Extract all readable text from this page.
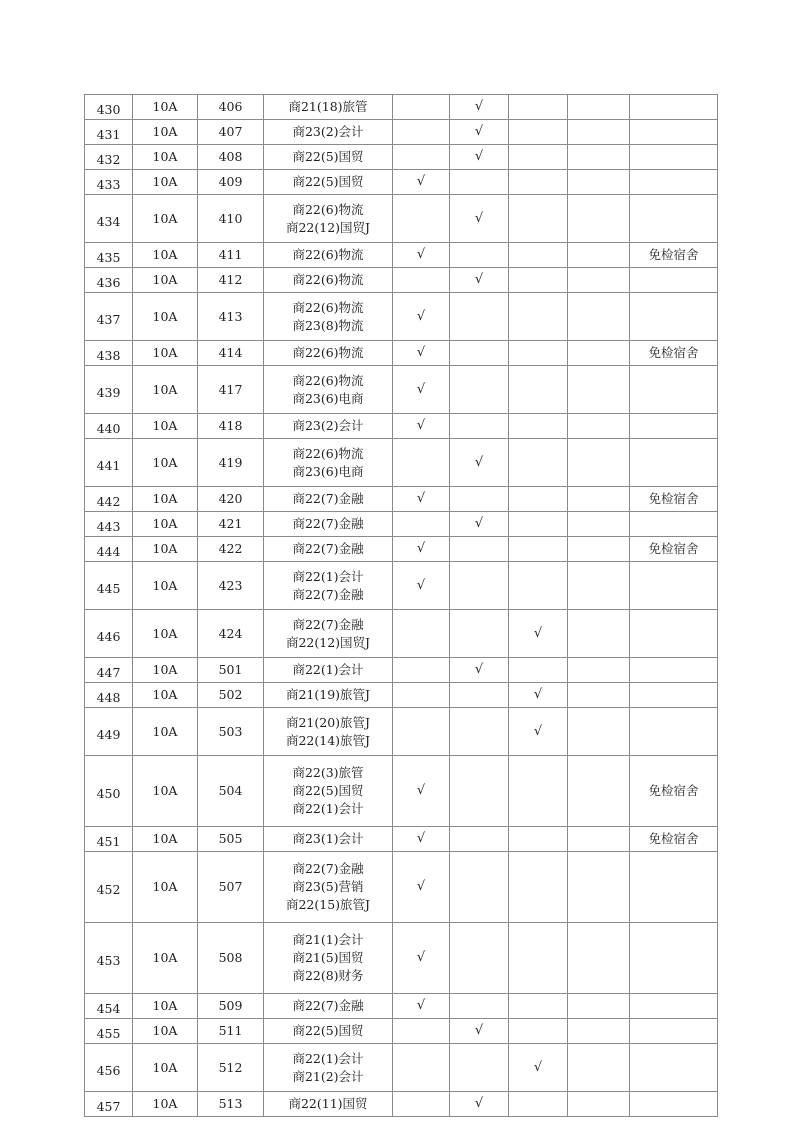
430	10A	406	商21(18)旅管		√			
431	10A	407	商23(2)会计		√			
432	10A	408	商22(5)国贸		√			
433	10A	409	商22(5)国贸	√				
434	10A	410	商22(6)物流
商22(12)国贸J		√			
435	10A	411	商22(6)物流	√				免检宿舍
436	10A	412	商22(6)物流		√			
437	10A	413	商22(6)物流
商23(8)物流	√				
438	10A	414	商22(6)物流	√				免检宿舍
439	10A	417	商22(6)物流
商23(6)电商	√				
440	10A	418	商23(2)会计	√				
441	10A	419	商22(6)物流
商23(6)电商		√			
442	10A	420	商22(7)金融	√				免检宿舍
443	10A	421	商22(7)金融		√			
444	10A	422	商22(7)金融	√				免检宿舍
445	10A	423	商22(1)会计
商22(7)金融	√				
446	10A	424	商22(7)金融
商22(12)国贸J			√		
447	10A	501	商22(1)会计		√			
448	10A	502	商21(19)旅管J			√		
449	10A	503	商21(20)旅管J
商22(14)旅管J			√		
450	10A	504	商22(3)旅管
商22(5)国贸
商22(1)会计	√				免检宿舍
451	10A	505	商23(1)会计	√				免检宿舍
452	10A	507	商22(7)金融
商23(5)营销
商22(15)旅管J	√				
453	10A	508	商21(1)会计
商21(5)国贸
商22(8)财务	√				
454	10A	509	商22(7)金融	√				
455	10A	511	商22(5)国贸		√			
456	10A	512	商22(1)会计
商21(2)会计			√		
457	10A	513	商22(11)国贸		√			
